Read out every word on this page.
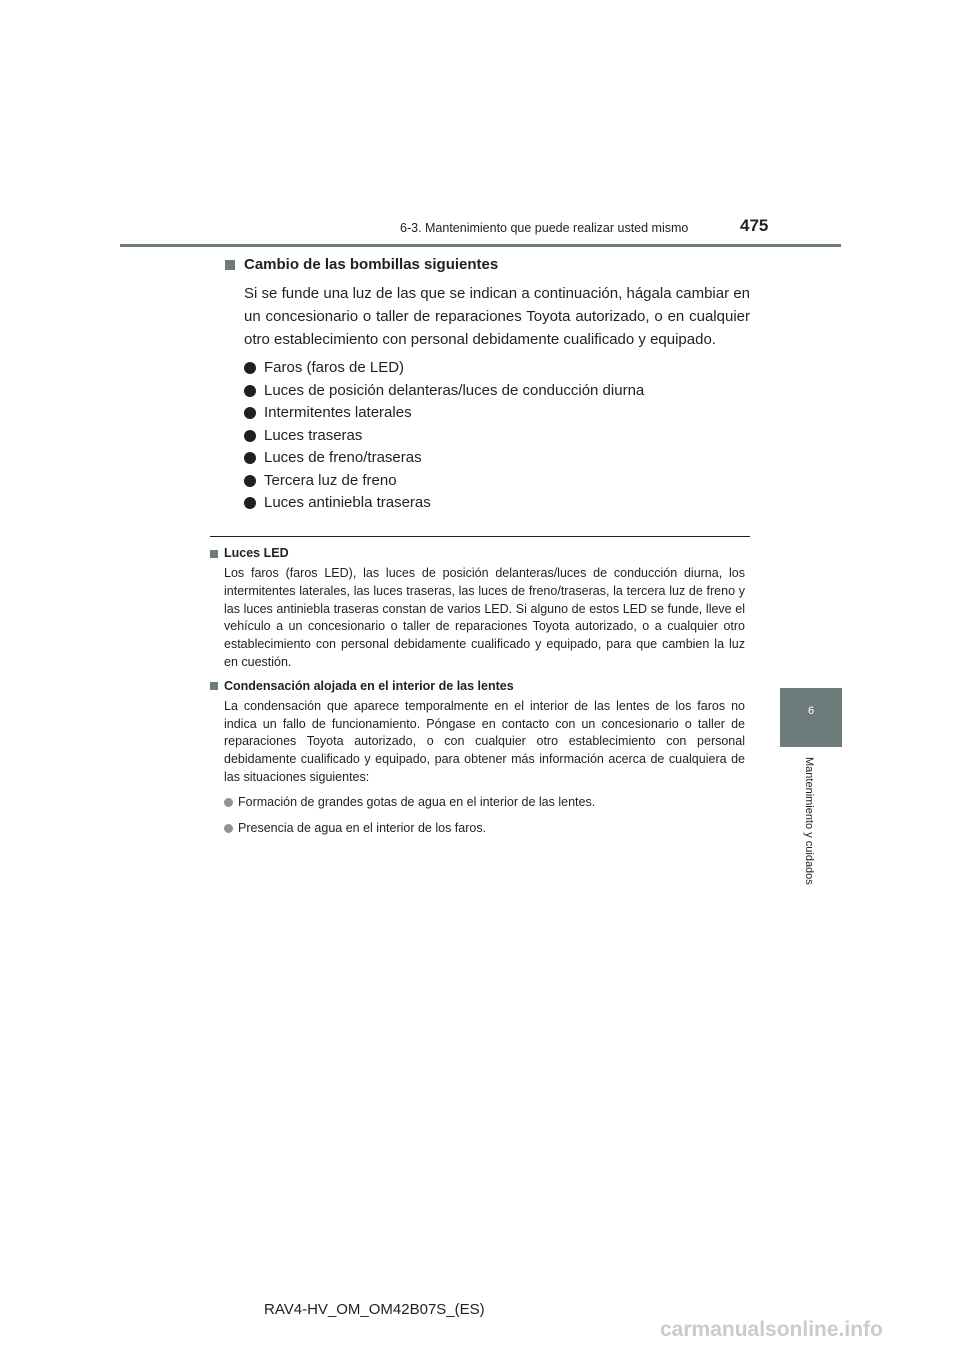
6-3. Mantenimiento que puede realizar usted mismo	475
6
Mantenimiento y cuidados
Cambio de las bombillas siguientes

Si se funde una luz de las que se indican a continuación, hágala cambiar en un concesionario o taller de reparaciones Toyota autorizado, o en cualquier otro establecimiento con personal debidamente cualificado y equipado.

Faros (faros de LED)
Luces de posición delanteras/luces de conducción diurna
Intermitentes laterales
Luces traseras
Luces de freno/traseras
Tercera luz de freno
Luces antiniebla traseras

Luces LED

Los faros (faros LED), las luces de posición delanteras/luces de conducción diurna, los intermitentes laterales, las luces traseras, las luces de freno/traseras, la tercera luz de freno y las luces antiniebla traseras constan de varios LED. Si alguno de estos LED se funde, lleve el vehículo a un concesionario o taller de reparaciones Toyota autorizado, o a cualquier otro establecimiento con personal debidamente cualificado y equipado, para que cambien la luz en cuestión.

Condensación alojada en el interior de las lentes

La condensación que aparece temporalmente en el interior de las lentes de los faros no indica un fallo de funcionamiento. Póngase en contacto con un concesionario o taller de reparaciones Toyota autorizado, o con cualquier otro establecimiento con personal debidamente cualificado y equipado, para obtener más información acerca de cualquiera de las situaciones siguientes:

Formación de grandes gotas de agua en el interior de las lentes.
Presencia de agua en el interior de los faros.
RAV4-HV_OM_OM42B07S_(ES)
carmanualsonline.info
